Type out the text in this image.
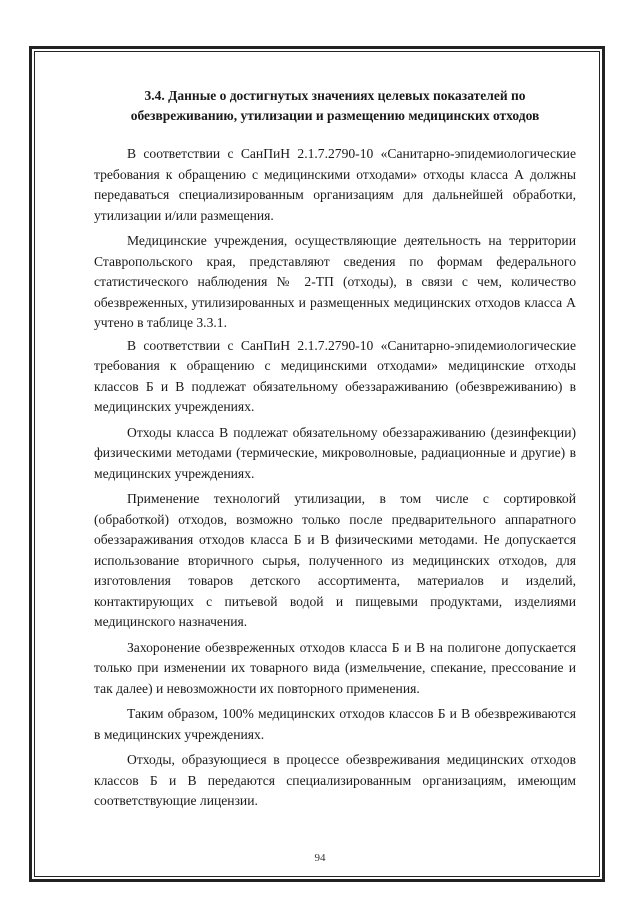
3.4. Данные о достигнутых значениях целевых показателей по обезвреживанию, утилизации и размещению медицинских отходов

В соответствии с СанПиН 2.1.7.2790-10 «Санитарно-эпидемиологические требования к обращению с медицинскими отходами» отходы класса А должны передаваться специализированным организациям для дальнейшей обработки, утилизации и/или размещения.

Медицинские учреждения, осуществляющие деятельность на территории Ставропольского края, представляют сведения по формам федерального статистического наблюдения № 2-ТП (отходы), в связи с чем, количество обезвреженных, утилизированных и размещенных медицинских отходов класса А учтено в таблице 3.3.1.

В соответствии с СанПиН 2.1.7.2790-10 «Санитарно-эпидемиологические требования к обращению с медицинскими отходами» медицинские отходы классов Б и В подлежат обязательному обеззараживанию (обезвреживанию) в медицинских учреждениях.

Отходы класса В подлежат обязательному обеззараживанию (дезинфекции) физическими методами (термические, микроволновые, радиационные и другие) в медицинских учреждениях.

Применение технологий утилизации, в том числе с сортировкой (обработкой) отходов, возможно только после предварительного аппаратного обеззараживания отходов класса Б и В физическими методами. Не допускается использование вторичного сырья, полученного из медицинских отходов, для изготовления товаров детского ассортимента, материалов и изделий, контактирующих с питьевой водой и пищевыми продуктами, изделиями медицинского назначения.

Захоронение обезвреженных отходов класса Б и В на полигоне допускается только при изменении их товарного вида (измельчение, спекание, прессование и так далее) и невозможности их повторного применения.

Таким образом, 100% медицинских отходов классов Б и В обезвреживаются в медицинских учреждениях.

Отходы, образующиеся в процессе обезвреживания медицинских отходов классов Б и В передаются специализированным организациям, имеющим соответствующие лицензии.

94
